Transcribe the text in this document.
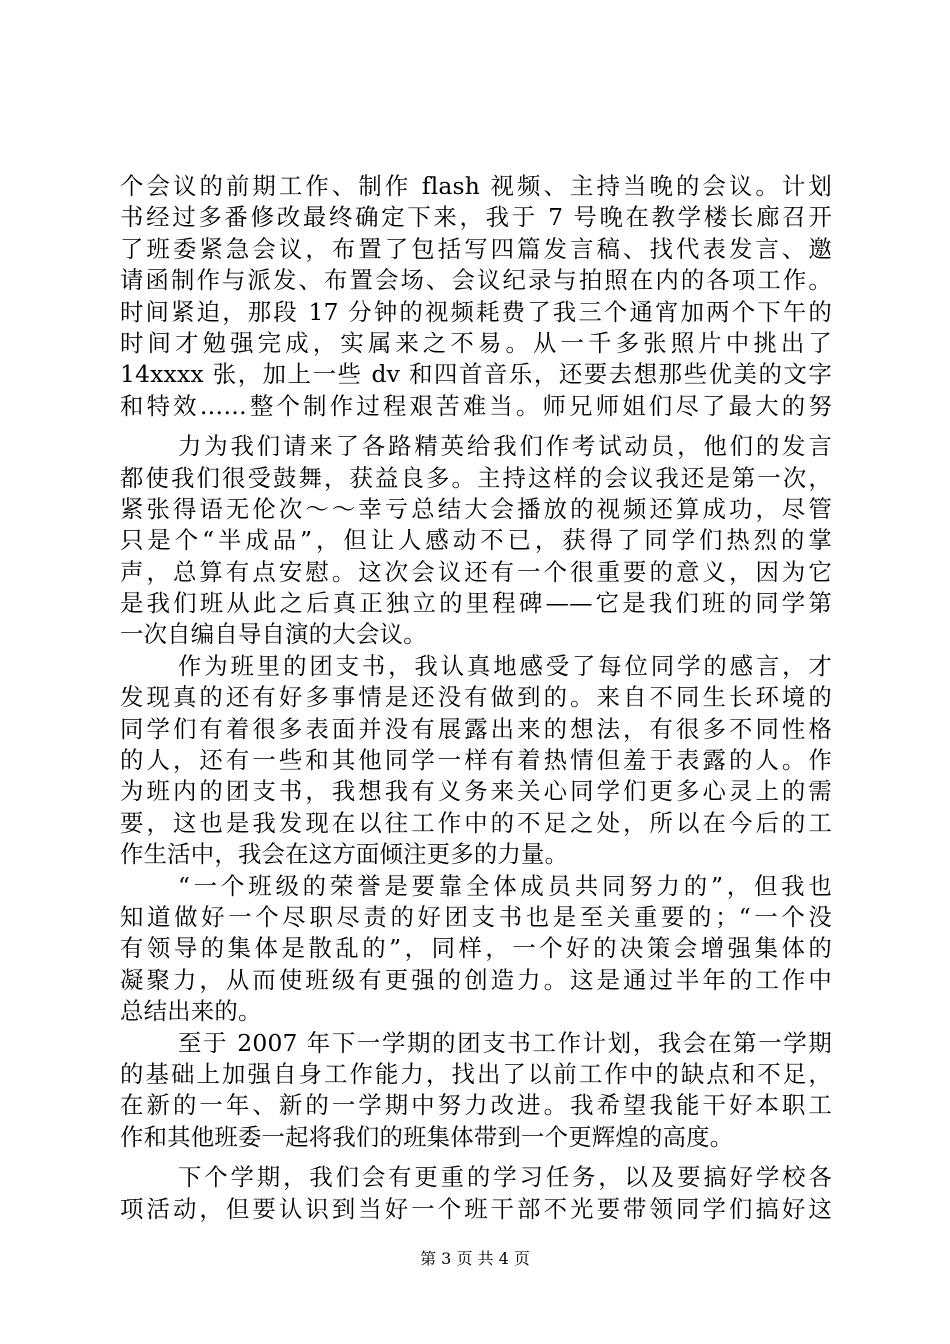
个会议的前期工作、制作 flash 视频、主持当晚的会议。计划
书经过多番修改最终确定下来，我于 7 号晚在教学楼长廊召开
了班委紧急会议，布置了包括写四篇发言稿、找代表发言、邀
请函制作与派发、布置会场、会议纪录与拍照在内的各项工作。
时间紧迫，那段 17 分钟的视频耗费了我三个通宵加两个下午的
时间才勉强完成，实属来之不易。从一千多张照片中挑出了
14xxxx 张，加上一些 dv 和四首音乐，还要去想那些优美的文字
和特效……整个制作过程艰苦难当。师兄师姐们尽了最大的努
力为我们请来了各路精英给我们作考试动员，他们的发言
都使我们很受鼓舞，获益良多。主持这样的会议我还是第一次，
紧张得语无伦次～～幸亏总结大会播放的视频还算成功，尽管
只是个“半成品”，但让人感动不已，获得了同学们热烈的掌
声，总算有点安慰。这次会议还有一个很重要的意义，因为它
是我们班从此之后真正独立的里程碑——它是我们班的同学第
一次自编自导自演的大会议。
作为班里的团支书，我认真地感受了每位同学的感言，才
发现真的还有好多事情是还没有做到的。来自不同生长环境的
同学们有着很多表面并没有展露出来的想法，有很多不同性格
的人，还有一些和其他同学一样有着热情但羞于表露的人。作
为班内的团支书，我想我有义务来关心同学们更多心灵上的需
要，这也是我发现在以往工作中的不足之处，所以在今后的工
作生活中，我会在这方面倾注更多的力量。
“一个班级的荣誉是要靠全体成员共同努力的”，但我也
知道做好一个尽职尽责的好团支书也是至关重要的；“一个没
有领导的集体是散乱的”，同样，一个好的决策会增强集体的
凝聚力，从而使班级有更强的创造力。这是通过半年的工作中
总结出来的。
至于 2007 年下一学期的团支书工作计划，我会在第一学期
的基础上加强自身工作能力，找出了以前工作中的缺点和不足，
在新的一年、新的一学期中努力改进。我希望我能干好本职工
作和其他班委一起将我们的班集体带到一个更辉煌的高度。
下个学期，我们会有更重的学习任务，以及要搞好学校各
项活动，但要认识到当好一个班干部不光要带领同学们搞好这
第 3 页 共 4 页
